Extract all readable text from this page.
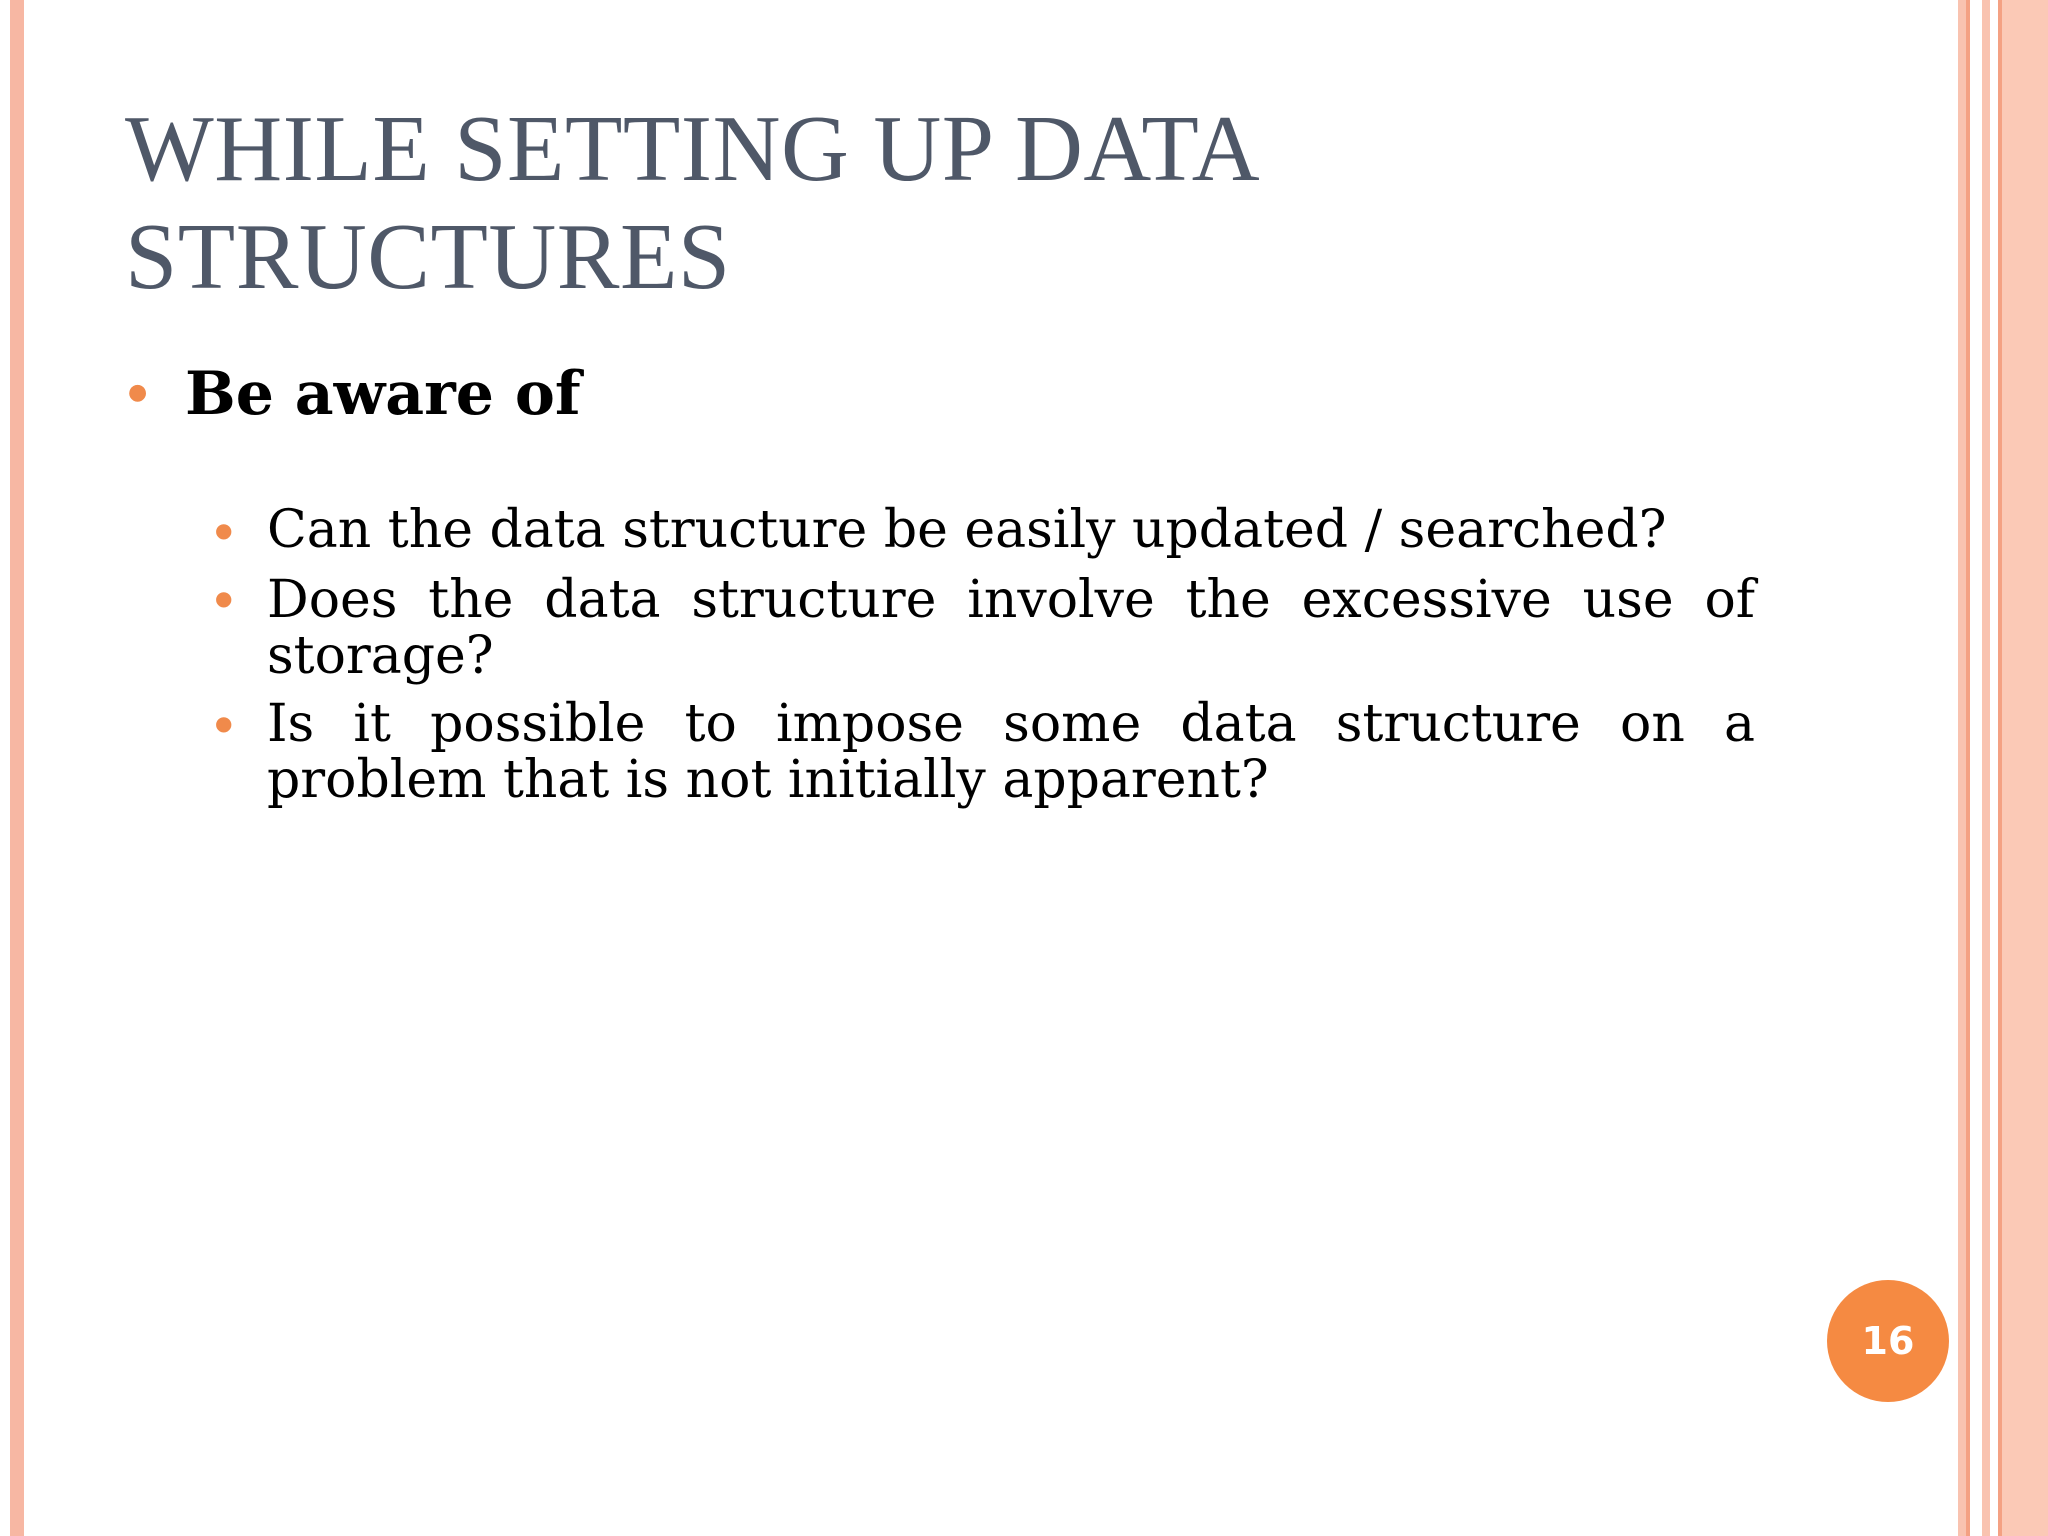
WHILE SETTING UP DATA
STRUCTURES
● Be aware of
● Can the data structure be easily updated / searched?
● Does the data structure involve the excessive use of storage?
● Is it possible to impose some data structure on a problem that is not initially apparent?
16
